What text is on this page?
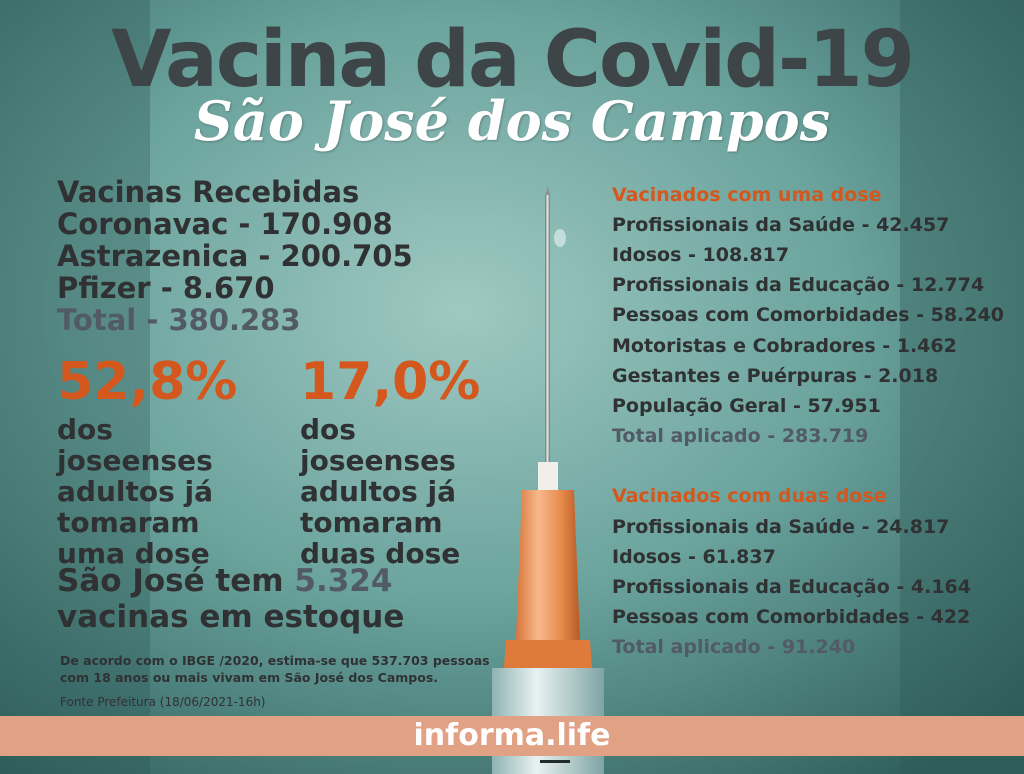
Vacina da Covid-19
São José dos Campos
Vacinas Recebidas
Coronavac - 170.908
Astrazenica - 200.705
Pfizer - 8.670
Total - 380.283
52,8%
dos joseenses adultos já tomaram uma dose
17,0%
dos joseenses adultos já tomaram duas dose
São José tem 5.324
vacinas em estoque
De acordo com o IBGE /2020, estima-se que 537.703 pessoas com 18 anos ou mais vivam em São José dos Campos.
Fonte Prefeitura (18/06/2021-16h)
Vacinados com uma dose
Profissionais da Saúde - 42.457
Idosos - 108.817
Profissionais da Educação - 12.774
Pessoas com Comorbidades - 58.240
Motoristas e Cobradores - 1.462
Gestantes e Puérpuras - 2.018
População Geral - 57.951
Total aplicado - 283.719
Vacinados com duas dose
Profissionais da Saúde - 24.817
Idosos - 61.837
Profissionais da Educação - 4.164
Pessoas com Comorbidades - 422
Total aplicado - 91.240
informa.life
